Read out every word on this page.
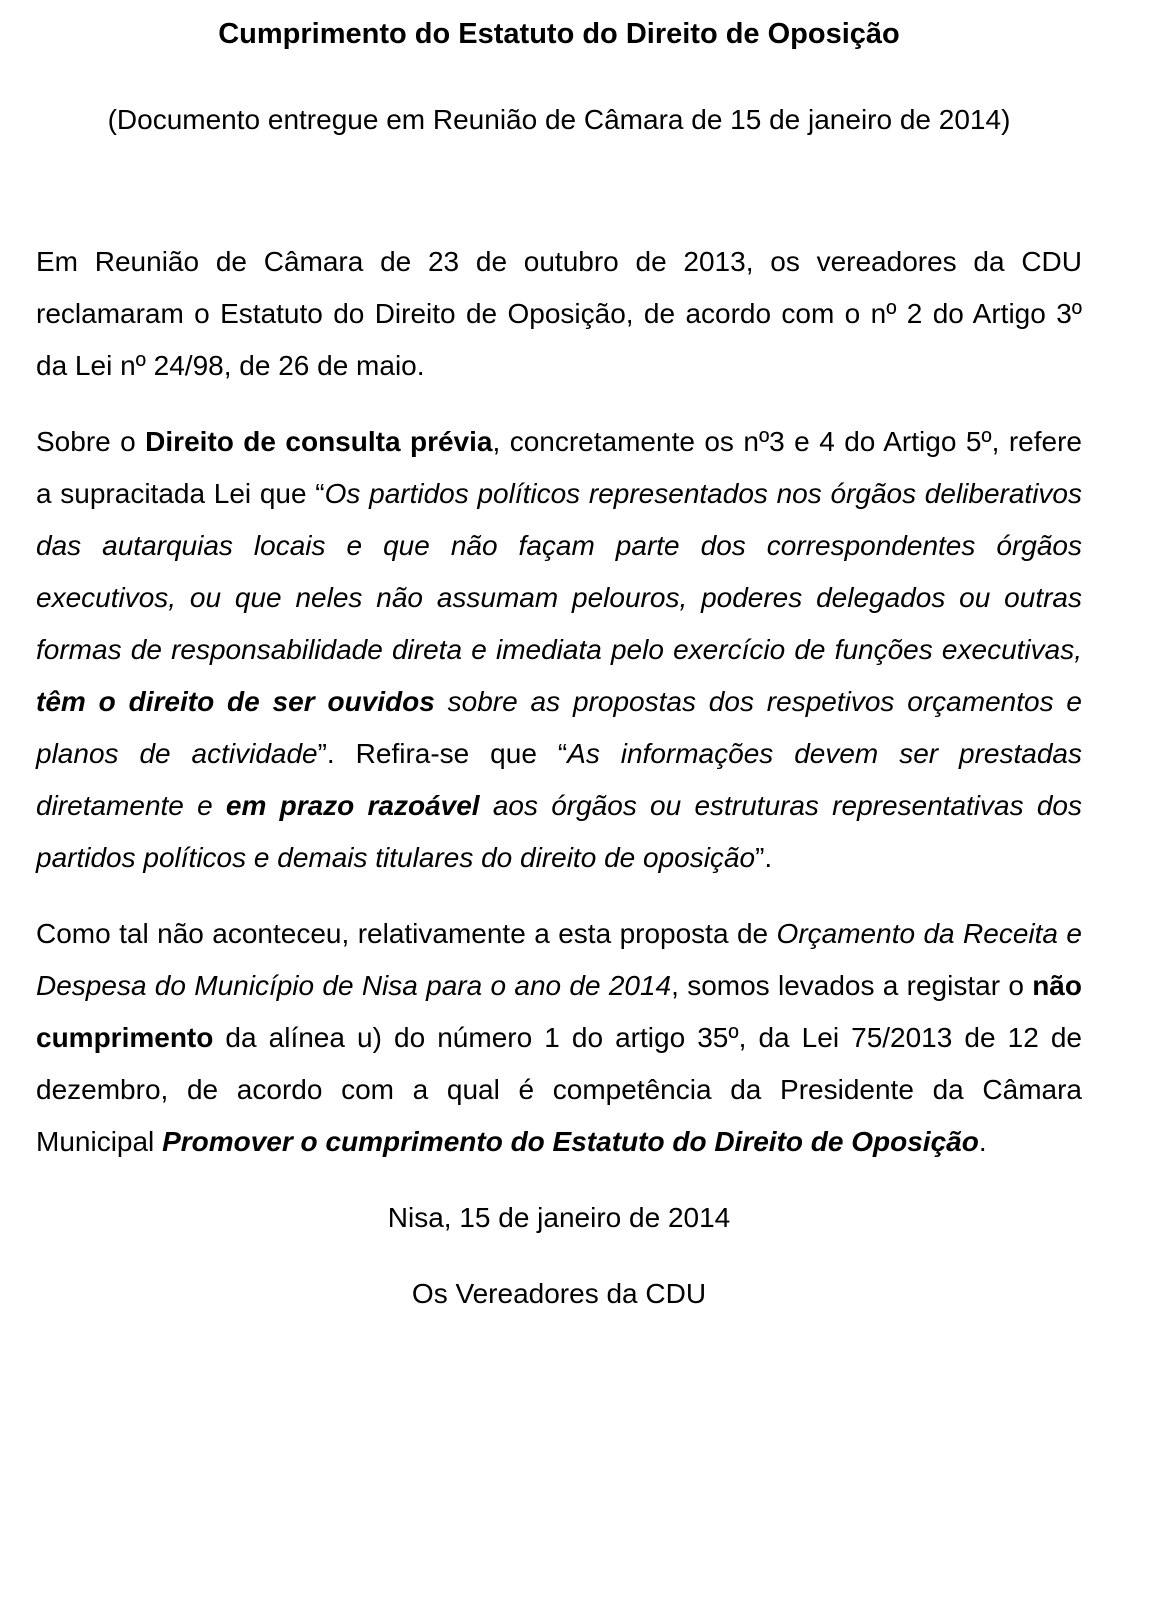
Cumprimento do Estatuto do Direito de Oposição
(Documento entregue em Reunião de Câmara de 15 de janeiro de 2014)

Em Reunião de Câmara de 23 de outubro de 2013, os vereadores da CDU reclamaram o Estatuto do Direito de Oposição, de acordo com o nº 2 do Artigo 3º da Lei nº 24/98, de 26 de maio.

Sobre o Direito de consulta prévia, concretamente os nº3 e 4 do Artigo 5º, refere a supracitada Lei que “Os partidos políticos representados nos órgãos deliberativos das autarquias locais e que não façam parte dos correspondentes órgãos executivos, ou que neles não assumam pelouros, poderes delegados ou outras formas de responsabilidade direta e imediata pelo exercício de funções executivas, têm o direito de ser ouvidos sobre as propostas dos respetivos orçamentos e planos de actividade”. Refira-se que “As informações devem ser prestadas diretamente e em prazo razoável aos órgãos ou estruturas representativas dos partidos políticos e demais titulares do direito de oposição”.

Como tal não aconteceu, relativamente a esta proposta de Orçamento da Receita e Despesa do Município de Nisa para o ano de 2014, somos levados a registar o não cumprimento da alínea u) do número 1 do artigo 35º, da Lei 75/2013 de 12 de dezembro, de acordo com a qual é competência da Presidente da Câmara Municipal Promover o cumprimento do Estatuto do Direito de Oposição.

Nisa, 15 de janeiro de 2014

Os Vereadores da CDU
